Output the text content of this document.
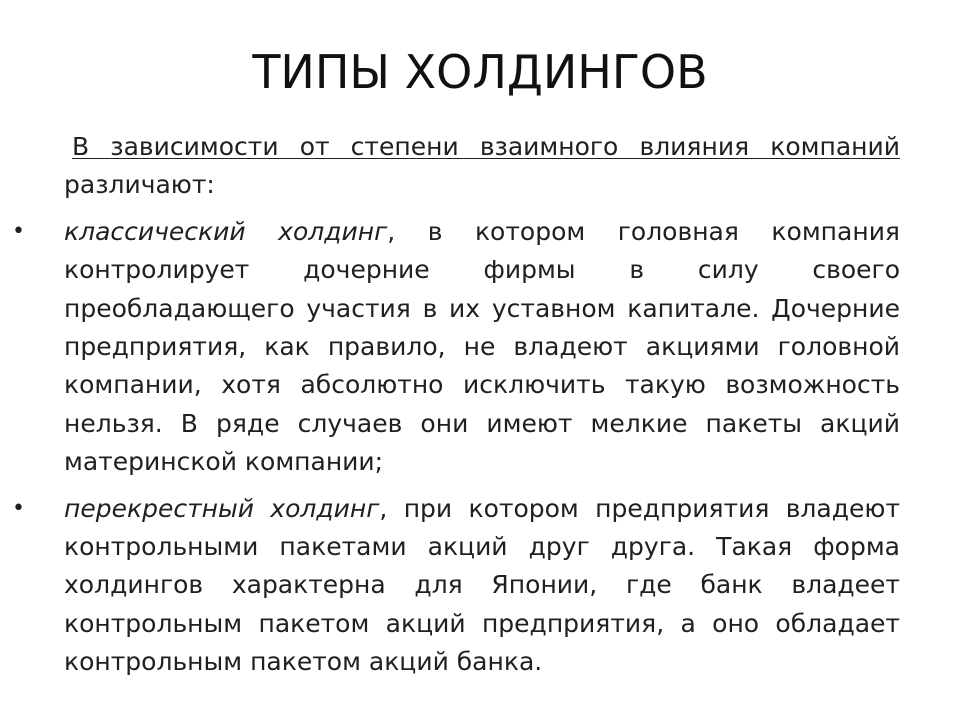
ТИПЫ ХОЛДИНГОВ

В зависимости от степени взаимного влияния компаний
различают:

• классический холдинг, в котором головная компания контролирует дочерние фирмы в силу своего преобладающего участия в их уставном капитале. Дочерние предприятия, как правило, не владеют акциями головной компании, хотя абсолютно исключить такую возможность нельзя. В ряде случаев они имеют мелкие пакеты акций материнской компании;
• перекрестный холдинг, при котором предприятия владеют контрольными пакетами акций друг друга. Такая форма холдингов характерна для Японии, где банк владеет контрольным пакетом акций предприятия, а оно обладает контрольным пакетом акций банка.
